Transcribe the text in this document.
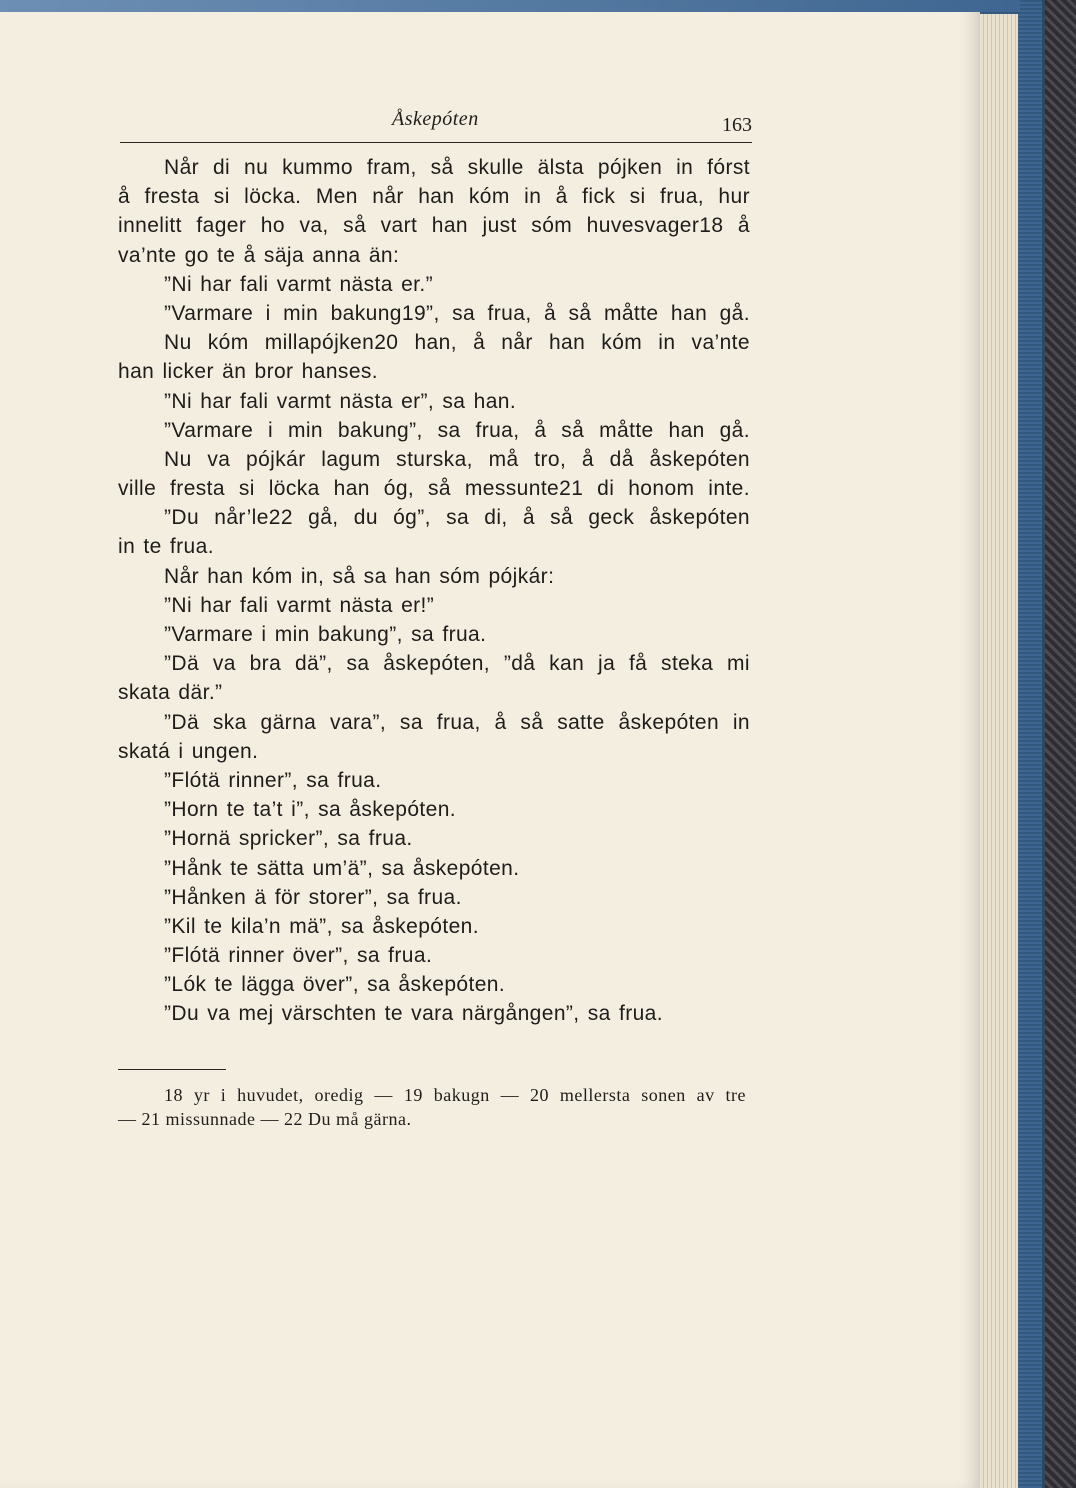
Åskepóten	163
Når di nu kummo fram, så skulle älsta pójken in fórst
å fresta si löcka. Men når han kóm in å fick si frua, hur
innelitt fager ho va, så vart han just sóm huvesvager18 å
va’nte go te å säja anna än:
”Ni har fali varmt nästa er.”
”Varmare i min bakung19”, sa frua, å så måtte han gå.
Nu kóm millapójken20 han, å når han kóm in va’nte
han licker än bror hanses.
”Ni har fali varmt nästa er”, sa han.
”Varmare i min bakung”, sa frua, å så måtte han gå.
Nu va pójkár lagum sturska, må tro, å då åskepóten
ville fresta si löcka han óg, så messunte21 di honom inte.
”Du når’le22 gå, du óg”, sa di, å så geck åskepóten
in te frua.
Når han kóm in, så sa han sóm pójkár:
”Ni har fali varmt nästa er!”
”Varmare i min bakung”, sa frua.
”Dä va bra dä”, sa åskepóten, ”då kan ja få steka mi
skata där.”
”Dä ska gärna vara”, sa frua, å så satte åskepóten in
skatá i ungen.
”Flótä rinner”, sa frua.
”Horn te ta’t i”, sa åskepóten.
”Hornä spricker”, sa frua.
”Hånk te sätta um’ä”, sa åskepóten.
”Hånken ä för storer”, sa frua.
”Kil te kila’n mä”, sa åskepóten.
”Flótä rinner över”, sa frua.
”Lók te lägga över”, sa åskepóten.
”Du va mej värschten te vara närgången”, sa frua.
18 yr i huvudet, oredig — 19 bakugn — 20 mellersta sonen av tre
— 21 missunnade — 22 Du må gärna.
